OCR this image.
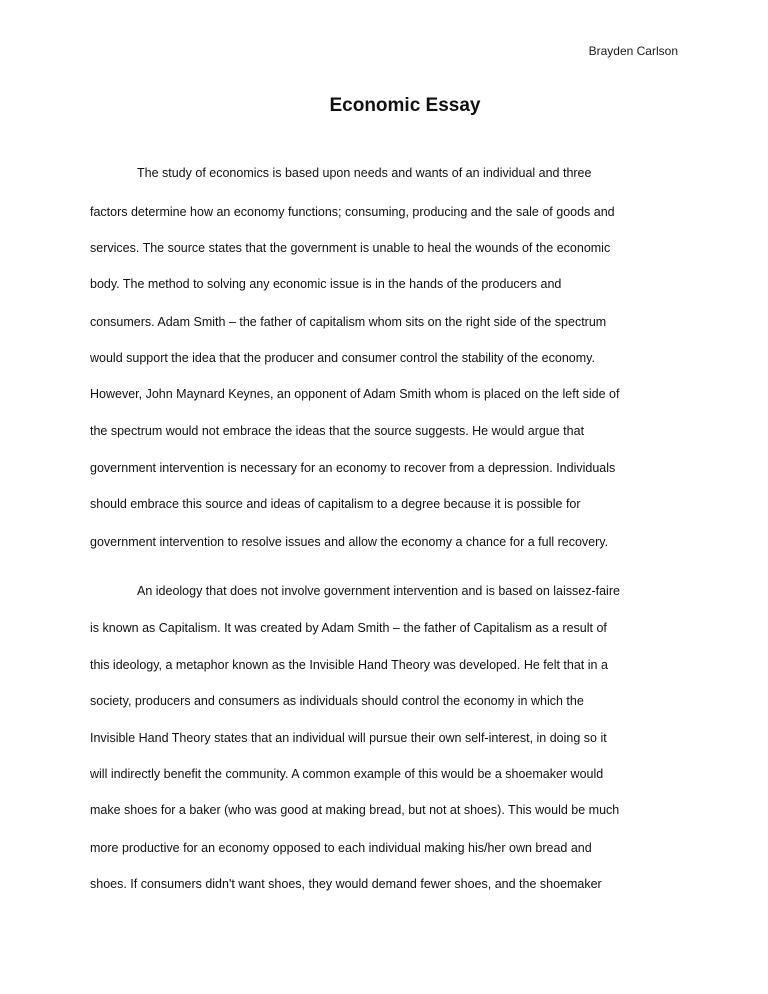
Brayden Carlson
Economic Essay
The study of economics is based upon needs and wants of an individual and three
factors determine how an economy functions; consuming, producing and the sale of goods and
services. The source states that the government is unable to heal the wounds of the economic
body. The method to solving any economic issue is in the hands of the producers and
consumers. Adam Smith – the father of capitalism whom sits on the right side of the spectrum
would support the idea that the producer and consumer control the stability of the economy.
However, John Maynard Keynes, an opponent of Adam Smith whom is placed on the left side of
the spectrum would not embrace the ideas that the source suggests. He would argue that
government intervention is necessary for an economy to recover from a depression. Individuals
should embrace this source and ideas of capitalism to a degree because it is possible for
government intervention to resolve issues and allow the economy a chance for a full recovery.
An ideology that does not involve government intervention and is based on laissez-faire
is known as Capitalism. It was created by Adam Smith – the father of Capitalism as a result of
this ideology, a metaphor known as the Invisible Hand Theory was developed. He felt that in a
society, producers and consumers as individuals should control the economy in which the
Invisible Hand Theory states that an individual will pursue their own self-interest, in doing so it
will indirectly benefit the community. A common example of this would be a shoemaker would
make shoes for a baker (who was good at making bread, but not at shoes). This would be much
more productive for an economy opposed to each individual making his/her own bread and
shoes. If consumers didn't want shoes, they would demand fewer shoes, and the shoemaker
